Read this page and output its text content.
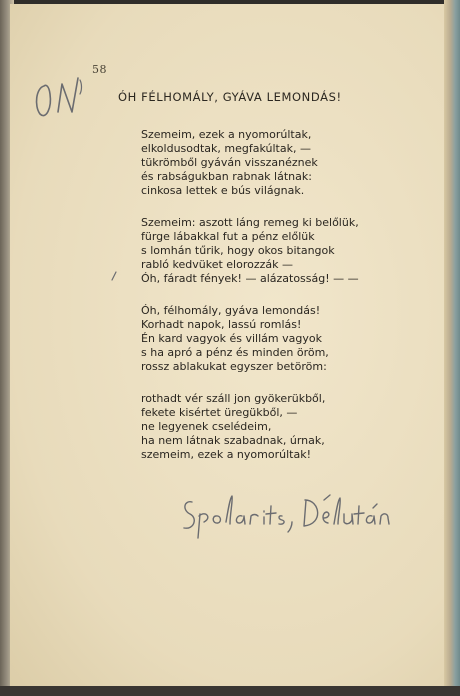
58
ÓH FÉLHOMÁLY, GYÁVA LEMONDÁS!
Szemeim, ezek a nyomorúltak,
elkoldusodtak, megfakúltak, —
tükrömből gyáván visszanéznek
és rabságukban rabnak látnak:
cinkosa lettek e bús világnak.
Szemeim: aszott láng remeg ki belőlük,
fürge lábakkal fut a pénz előlük
s lomhán tűrik, hogy okos bitangok
rabló kedvüket elorozzák —
Óh, fáradt fények! — alázatosság! — —
Óh, félhomály, gyáva lemondás!
Korhadt napok, lassú romlás!
Én kard vagyok és villám vagyok
s ha apró a pénz és minden öröm,
rossz ablakukat egyszer betöröm:
rothadt vér száll jon gyökerükből,
fekete kisértet üregükből, —
ne legyenek cselédeim,
ha nem látnak szabadnak, úrnak,
szemeim, ezek a nyomorúltak!
